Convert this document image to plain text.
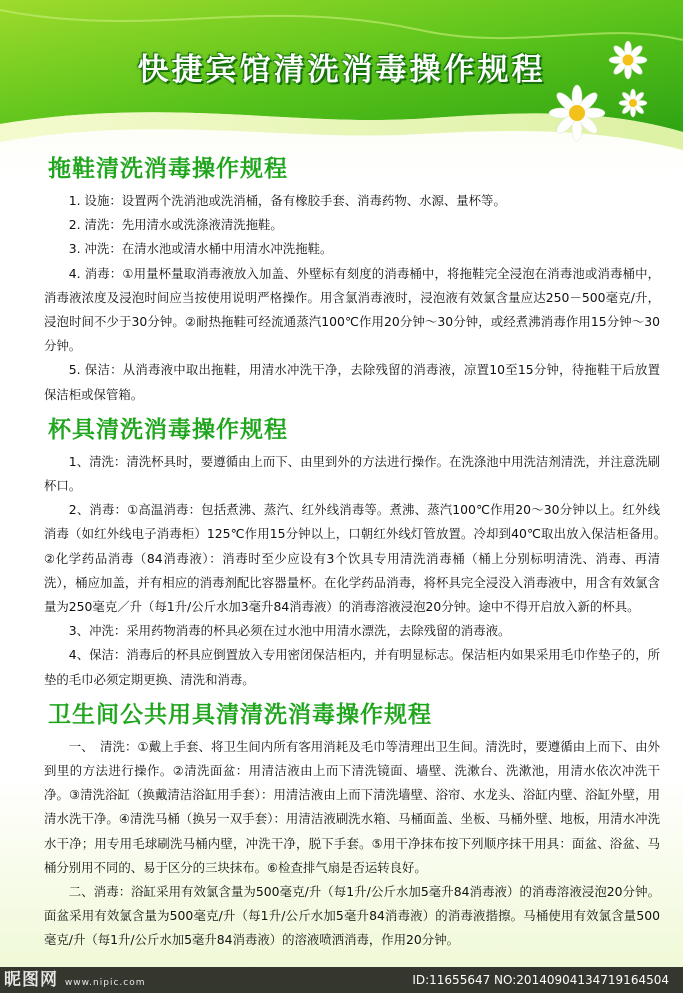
快捷宾馆清洗消毒操作规程
拖鞋清洗消毒操作规程

1. 设施：设置两个洗消池或洗消桶，备有橡胶手套、消毒药物、水源、量杯等。

2. 清洗：先用清水或洗涤液清洗拖鞋。

3. 冲洗：在清水池或清水桶中用清水冲洗拖鞋。

4. 消毒：①用量杯量取消毒液放入加盖、外壁标有刻度的消毒桶中，将拖鞋完全浸泡在消毒池或消毒桶中，消毒液浓度及浸泡时间应当按使用说明严格操作。用含氯消毒液时，浸泡液有效氯含量应达250－500毫克/升，浸泡时间不少于30分钟。②耐热拖鞋可经流通蒸汽100℃作用20分钟～30分钟，或经煮沸消毒作用15分钟～30分钟。

5. 保洁：从消毒液中取出拖鞋，用清水冲洗干净，去除残留的消毒液，凉置10至15分钟，待拖鞋干后放置保洁柜或保管箱。

杯具清洗消毒操作规程

1、清洗：清洗杯具时，要遵循由上而下、由里到外的方法进行操作。在洗涤池中用洗洁剂清洗，并注意洗刷杯口。

2、消毒：①高温消毒：包括煮沸、蒸汽、红外线消毒等。煮沸、蒸汽100℃作用20～30分钟以上。红外线消毒（如红外线电子消毒柜）125℃作用15分钟以上，口朝红外线灯管放置。冷却到40℃取出放入保洁柜备用。　②化学药品消毒（84消毒液）：消毒时至少应设有3个饮具专用清洗消毒桶（桶上分别标明清洗、消毒、再清洗），桶应加盖，并有相应的消毒剂配比容器量杯。在化学药品消毒，将杯具完全浸没入消毒液中，用含有效氯含量为250毫克／升（每1升/公斤水加3毫升84消毒液）的消毒溶液浸泡20分钟。途中不得开启放入新的杯具。

3、冲洗：采用药物消毒的杯具必须在过水池中用清水漂洗，去除残留的消毒液。

4、保洁：消毒后的杯具应倒置放入专用密闭保洁柜内，并有明显标志。保洁柜内如果采用毛巾作垫子的，所垫的毛巾必须定期更换、清洗和消毒。

卫生间公共用具清清洗消毒操作规程

一、　清洗：①戴上手套、将卫生间内所有客用消耗及毛巾等清理出卫生间。清洗时，要遵循由上而下、由外到里的方法进行操作。②清洗面盆：用清洁液由上而下清洗镜面、墙壁、洗漱台、洗漱池，用清水依次冲洗干净。③清洗浴缸（换戴清洁浴缸用手套）：用清洁液由上而下清洗墙壁、浴帘、水龙头、浴缸内壁、浴缸外壁，用清水洗干净。④清洗马桶（换另一双手套）：用清洁液刷洗水箱、马桶面盖、坐板、马桶外壁、地板，用清水冲洗水干净；用专用毛球刷洗马桶内壁，冲洗干净，脱下手套。⑤用干净抹布按下列顺序抹干用具：面盆、浴盆、马桶分别用不同的、易于区分的三块抹布。⑥检查排气扇是否运转良好。

二、消毒：浴缸采用有效氯含量为500毫克/升（每1升/公斤水加5毫升84消毒液）的消毒溶液浸泡20分钟。面盆采用有效氯含量为500毫克/升（每1升/公斤水加5毫升84消毒液）的消毒液揩擦。马桶使用有效氯含量500毫克/升（每1升/公斤水加5毫升84消毒液）的溶液喷洒消毒，作用20分钟。

昵图网 www.nipic.com	ID:11655647 NO:20140904134719164504
